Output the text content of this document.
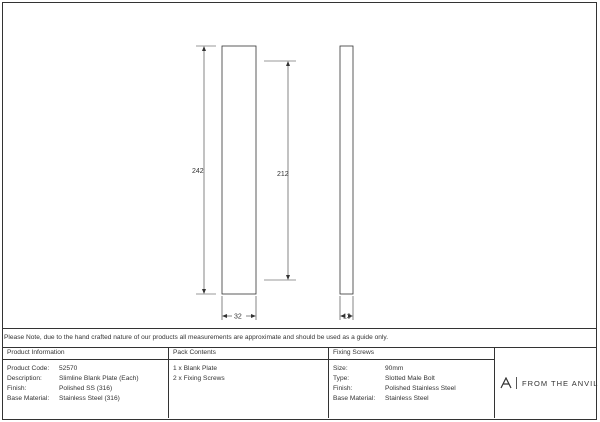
242	212
32	13
Please Note, due to the hand crafted nature of our products all measurements are approximate and should be used as a guide only.
Product Information
Product Code:	52570
Description:	Slimline Blank Plate (Each)
Finish:	Polished SS (316)
Base Material:	Stainless Steel (316)
Pack Contents
1 x Blank Plate
2 x Fixing Screws
Fixing Screws
Size:	90mm
Type:	Slotted Male Bolt
Finish:	Polished Stainless Steel
Base Material:	Stainless Steel
FROM THE ANVIL
